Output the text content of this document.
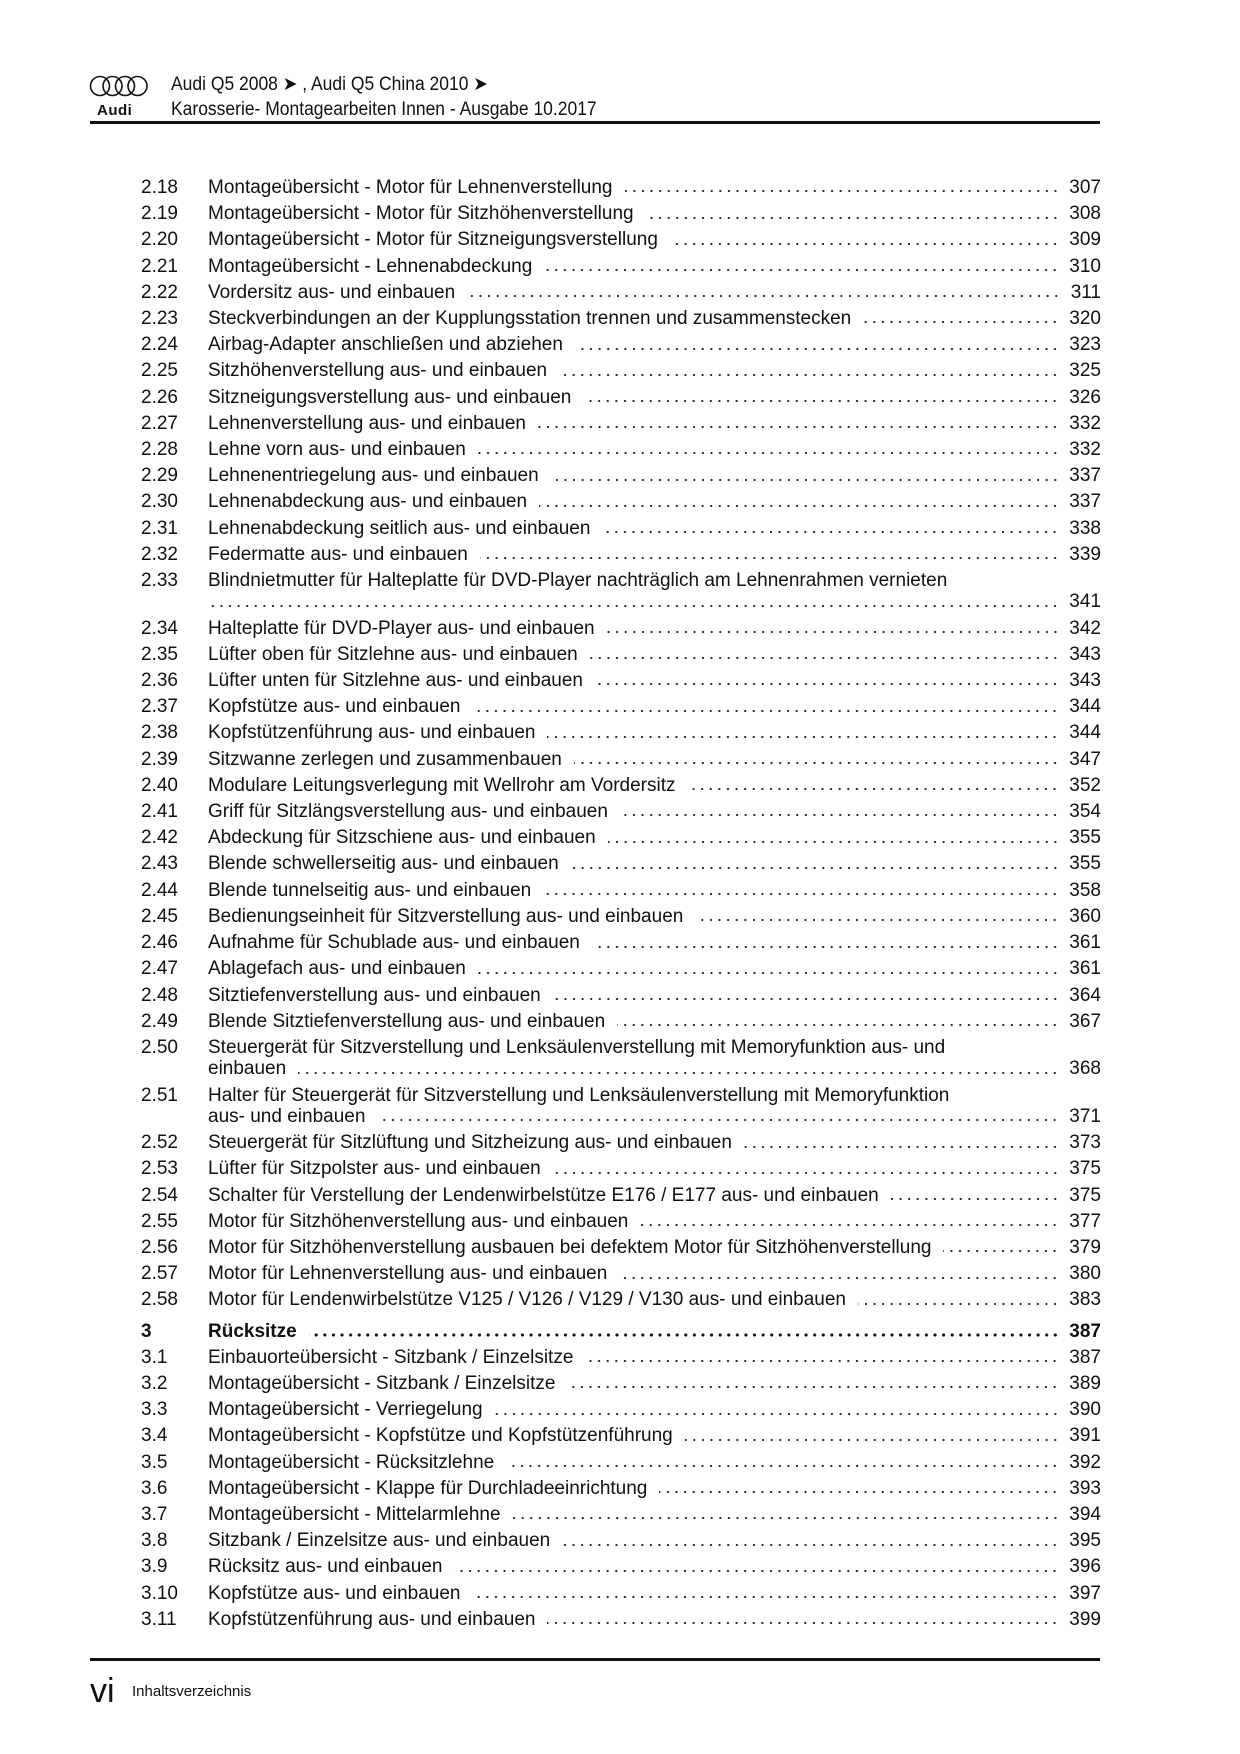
Audi
Audi Q5 2008 ➤ , Audi Q5 China 2010 ➤
Karosserie- Montagearbeiten Innen - Ausgabe 10.2017
2.18	Montageübersicht - Motor für Lehnenverstellung	307
2.19	Montageübersicht - Motor für Sitzhöhenverstellung	308
2.20	Montageübersicht - Motor für Sitzneigungsverstellung	309
2.21	Montageübersicht - Lehnenabdeckung	310
2.22	Vordersitz aus- und einbauen	311
2.23	Steckverbindungen an der Kupplungsstation trennen und zusammenstecken	320
2.24	Airbag-Adapter anschließen und abziehen	323
2.25	Sitzhöhenverstellung aus- und einbauen	325
2.26	Sitzneigungsverstellung aus- und einbauen	326
2.27	Lehnenverstellung aus- und einbauen	332
2.28	Lehne vorn aus- und einbauen	332
2.29	Lehnenentriegelung aus- und einbauen	337
2.30	Lehnenabdeckung aus- und einbauen	337
2.31	Lehnenabdeckung seitlich aus- und einbauen	338
2.32	Federmatte aus- und einbauen	339
2.33	Blindnietmutter für Halteplatte für DVD-Player nachträglich am Lehnenrahmen vernieten
341
2.34	Halteplatte für DVD-Player aus- und einbauen	342
2.35	Lüfter oben für Sitzlehne aus- und einbauen	343
2.36	Lüfter unten für Sitzlehne aus- und einbauen	343
2.37	Kopfstütze aus- und einbauen	344
2.38	Kopfstützenführung aus- und einbauen	344
2.39	Sitzwanne zerlegen und zusammenbauen	347
2.40	Modulare Leitungsverlegung mit Wellrohr am Vordersitz	352
2.41	Griff für Sitzlängsverstellung aus- und einbauen	354
2.42	Abdeckung für Sitzschiene aus- und einbauen	355
2.43	Blende schwellerseitig aus- und einbauen	355
2.44	Blende tunnelseitig aus- und einbauen	358
2.45	Bedienungseinheit für Sitzverstellung aus- und einbauen	360
2.46	Aufnahme für Schublade aus- und einbauen	361
2.47	Ablagefach aus- und einbauen	361
2.48	Sitztiefenverstellung aus- und einbauen	364
2.49	Blende Sitztiefenverstellung aus- und einbauen	367
2.50	Steuergerät für Sitzverstellung und Lenksäulenverstellung mit Memoryfunktion aus- und
einbauen	368
2.51	Halter für Steuergerät für Sitzverstellung und Lenksäulenverstellung mit Memoryfunktion
aus- und einbauen	371
2.52	Steuergerät für Sitzlüftung und Sitzheizung aus- und einbauen	373
2.53	Lüfter für Sitzpolster aus- und einbauen	375
2.54	Schalter für Verstellung der Lendenwirbelstütze E176 / E177 aus- und einbauen	375
2.55	Motor für Sitzhöhenverstellung aus- und einbauen	377
2.56	Motor für Sitzhöhenverstellung ausbauen bei defektem Motor für Sitzhöhenverstellung	379
2.57	Motor für Lehnenverstellung aus- und einbauen	380
2.58	Motor für Lendenwirbelstütze V125 / V126 / V129 / V130 aus- und einbauen	383
3	Rücksitze	387
3.1	Einbauorteübersicht - Sitzbank / Einzelsitze	387
3.2	Montageübersicht - Sitzbank / Einzelsitze	389
3.3	Montageübersicht - Verriegelung	390
3.4	Montageübersicht - Kopfstütze und Kopfstützenführung	391
3.5	Montageübersicht - Rücksitzlehne	392
3.6	Montageübersicht - Klappe für Durchladeeinrichtung	393
3.7	Montageübersicht - Mittelarmlehne	394
3.8	Sitzbank / Einzelsitze aus- und einbauen	395
3.9	Rücksitz aus- und einbauen	396
3.10	Kopfstütze aus- und einbauen	397
3.11	Kopfstützenführung aus- und einbauen	399
vi Inhaltsverzeichnis
